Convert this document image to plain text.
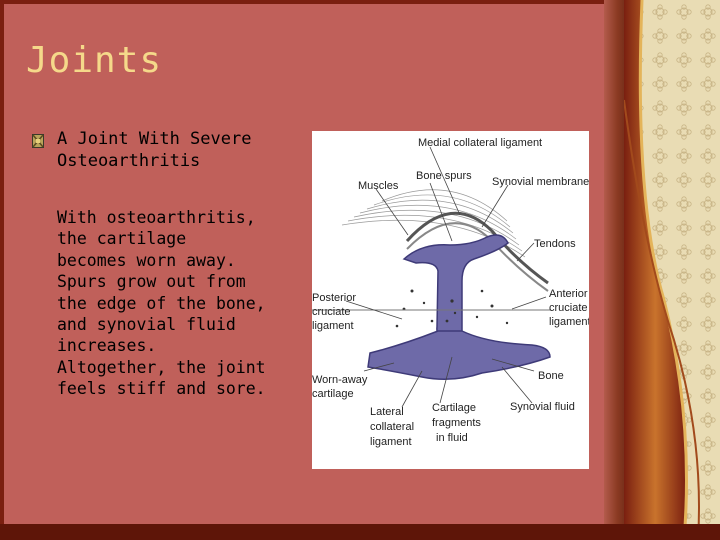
Joints

A Joint With Severe Osteoarthritis

With osteoarthritis,
the cartilage
becomes worn away.
Spurs grow out from
the edge of the bone,
and synovial fluid
increases.
Altogether, the joint
feels stiff and sore.

Medial collateral ligament
Muscles
Bone spurs Synovial membrane
Tendons
Posterior cruciate ligament
Anterior cruciate ligament
Worn-away cartilage
Bone
Lateral collateral ligament
Cartilage fragments in fluid
Synovial fluid
